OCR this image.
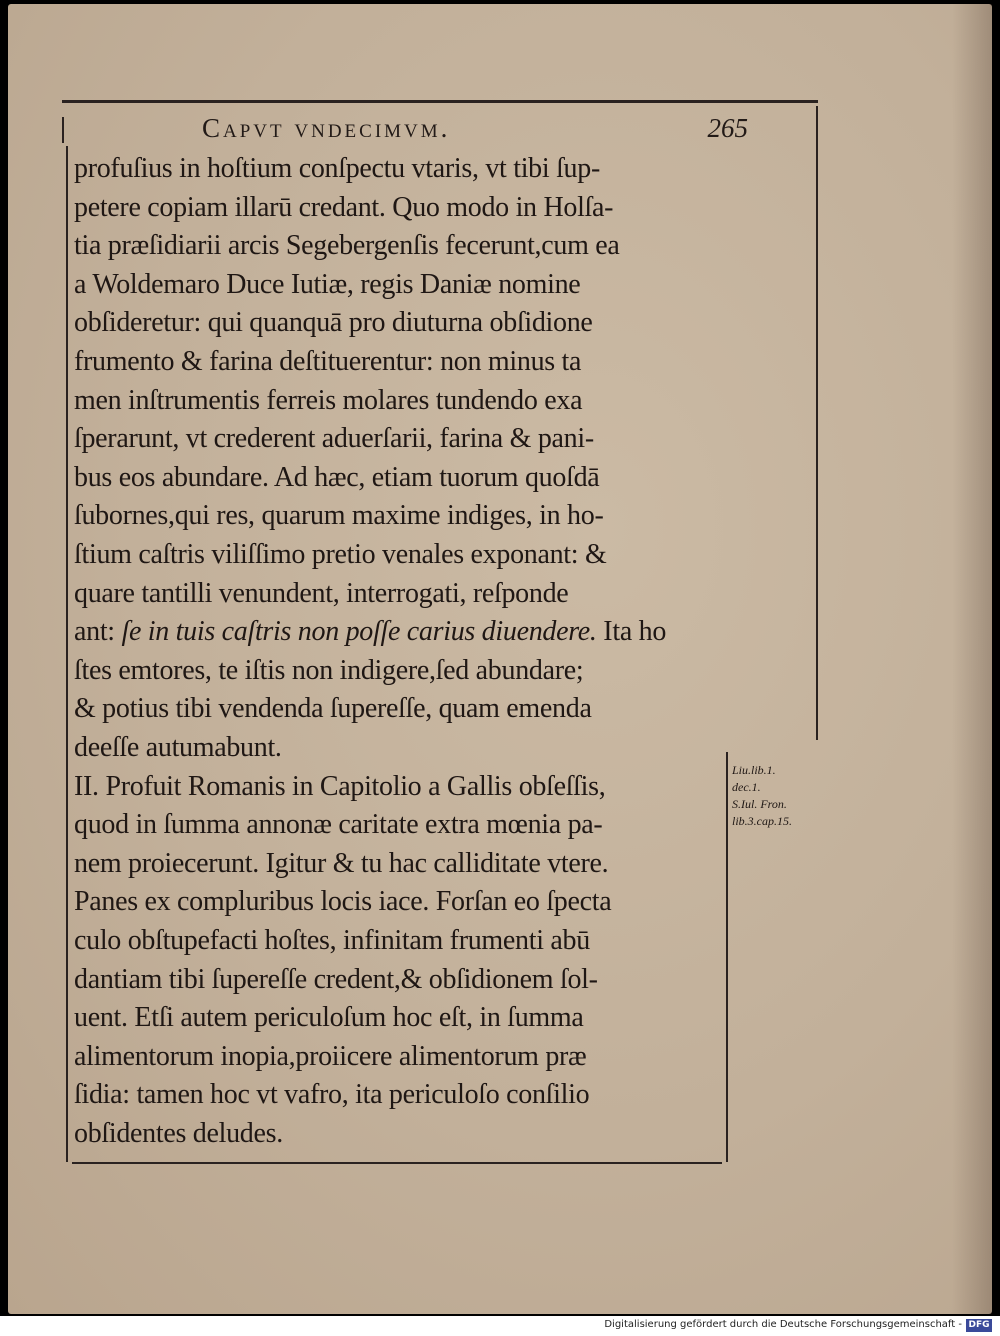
Capvt vndecimvm.	265
profuſius in hoſtium conſpectu vtaris, vt tibi ſup-
petere copiam illarū credant. Quo modo in Holſa-
tia præſidiarii arcis Segebergenſis fecerunt,cum ea
a Woldemaro Duce Iutiæ, regis Daniæ nomine
obſideretur: qui quanquā pro diuturna obſidione
frumento & farina deſtituerentur: non minus ta
men inſtrumentis ferreis molares tundendo exa
ſperarunt, vt crederent aduerſarii, farina & pani-
bus eos abundare. Ad hæc, etiam tuorum quoſdā
ſubornes,qui res, quarum maxime indiges, in ho-
ſtium caſtris viliſſimo pretio venales exponant: &
quare tantilli venundent, interrogati, reſponde
ant: ſe in tuis caſtris non poſſe carius diuendere. Ita ho
ſtes emtores, te iſtis non indigere,ſed abundare;
& potius tibi vendenda ſupereſſe, quam emenda
deeſſe autumabunt.
II. Profuit Romanis in Capitolio a Gallis obſeſſis,
quod in ſumma annonæ caritate extra mœnia pa-
nem proiecerunt. Igitur & tu hac calliditate vtere.
Panes ex compluribus locis iace. Forſan eo ſpecta
culo obſtupefacti hoſtes, infinitam frumenti abū
dantiam tibi ſupereſſe credent,& obſidionem ſol-
uent. Etſi autem periculoſum hoc eſt, in ſumma
alimentorum inopia,proiicere alimentorum præ
ſidia: tamen hoc vt vafro, ita periculoſo conſilio
obſidentes deludes.
Liu.lib.1.
dec.1.
S.Iul. Fron.
lib.3.cap.15.
Digitalisierung gefördert durch die Deutsche Forschungsgemeinschaft - DFG
